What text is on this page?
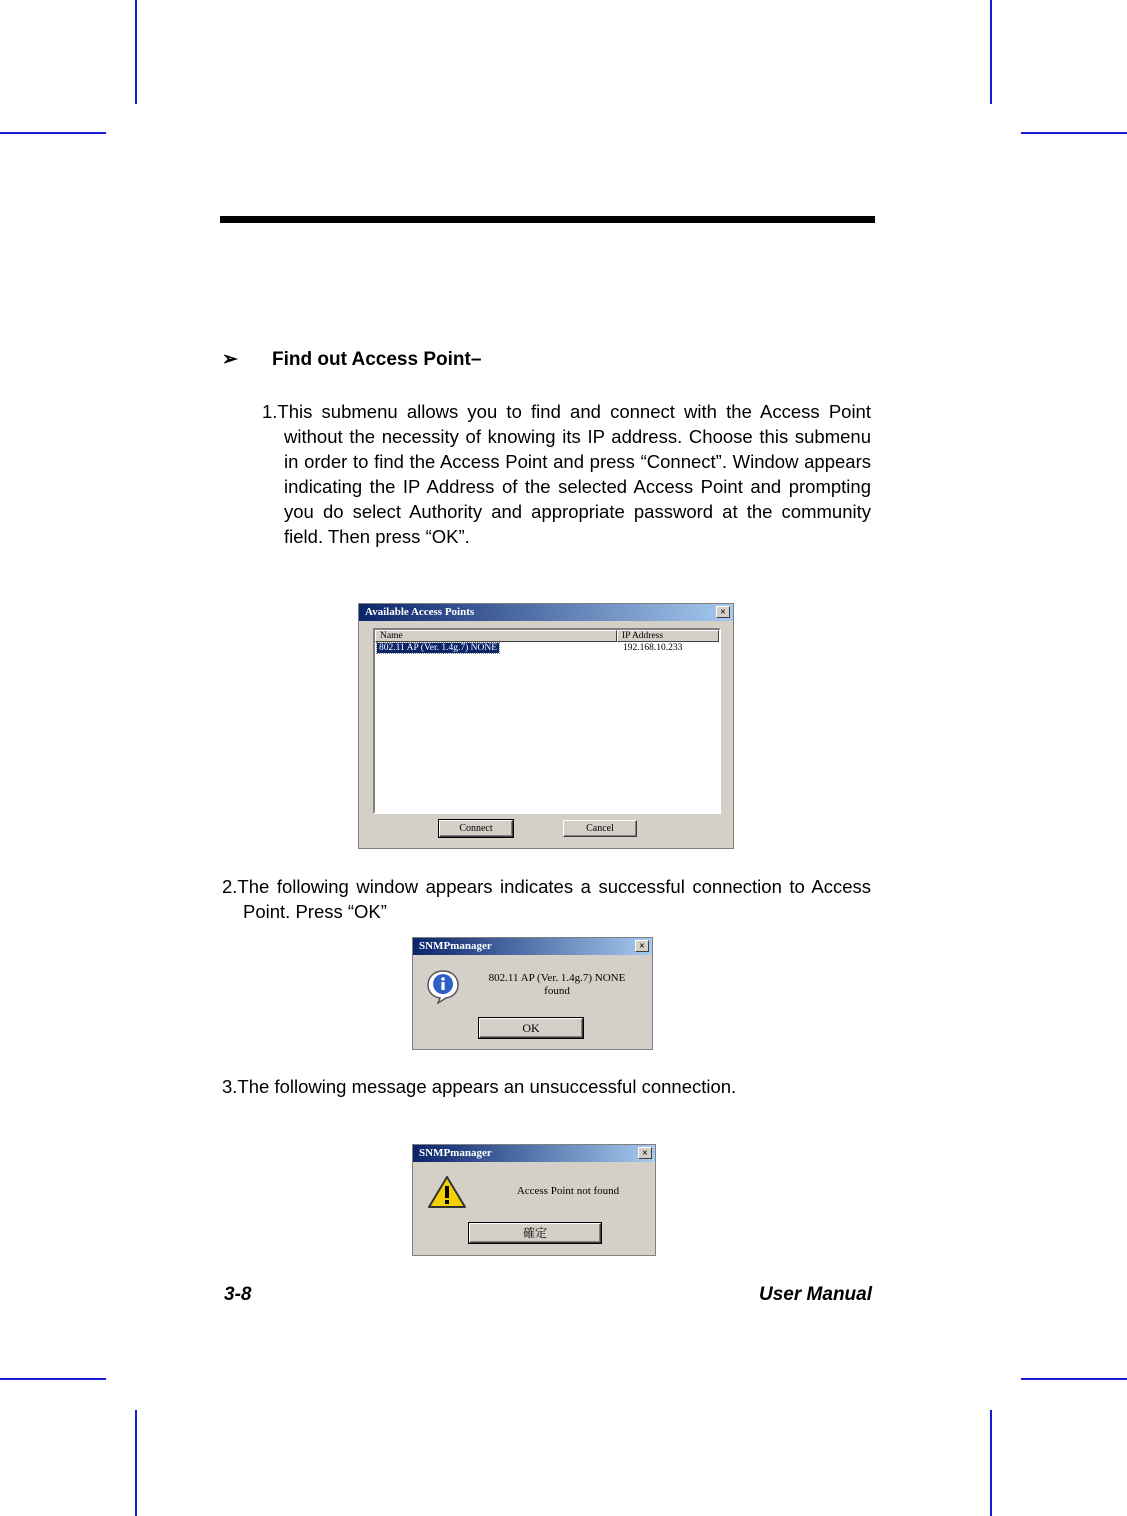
➢ Find out Access Point–
1.This submenu allows you to find and connect with the Access Point without the necessity of knowing its IP address. Choose this submenu in order to find the Access Point and press “Connect”. Window appears indicating the IP Address of the selected Access Point and prompting you do select Authority and appropriate password at the community field. Then press “OK”.
Available Access Points	×
Name	IP Address
802.11 AP (Ver. 1.4g.7) NONE	192.168.10.233
Connect	Cancel
2.The following window appears indicates a successful connection to Access Point. Press “OK”
SNMPmanager	×
802.11 AP (Ver. 1.4g.7) NONE
found
OK
3.The following message appears an unsuccessful connection.
SNMPmanager	×
Access Point not found
確定
3-8	User Manual
